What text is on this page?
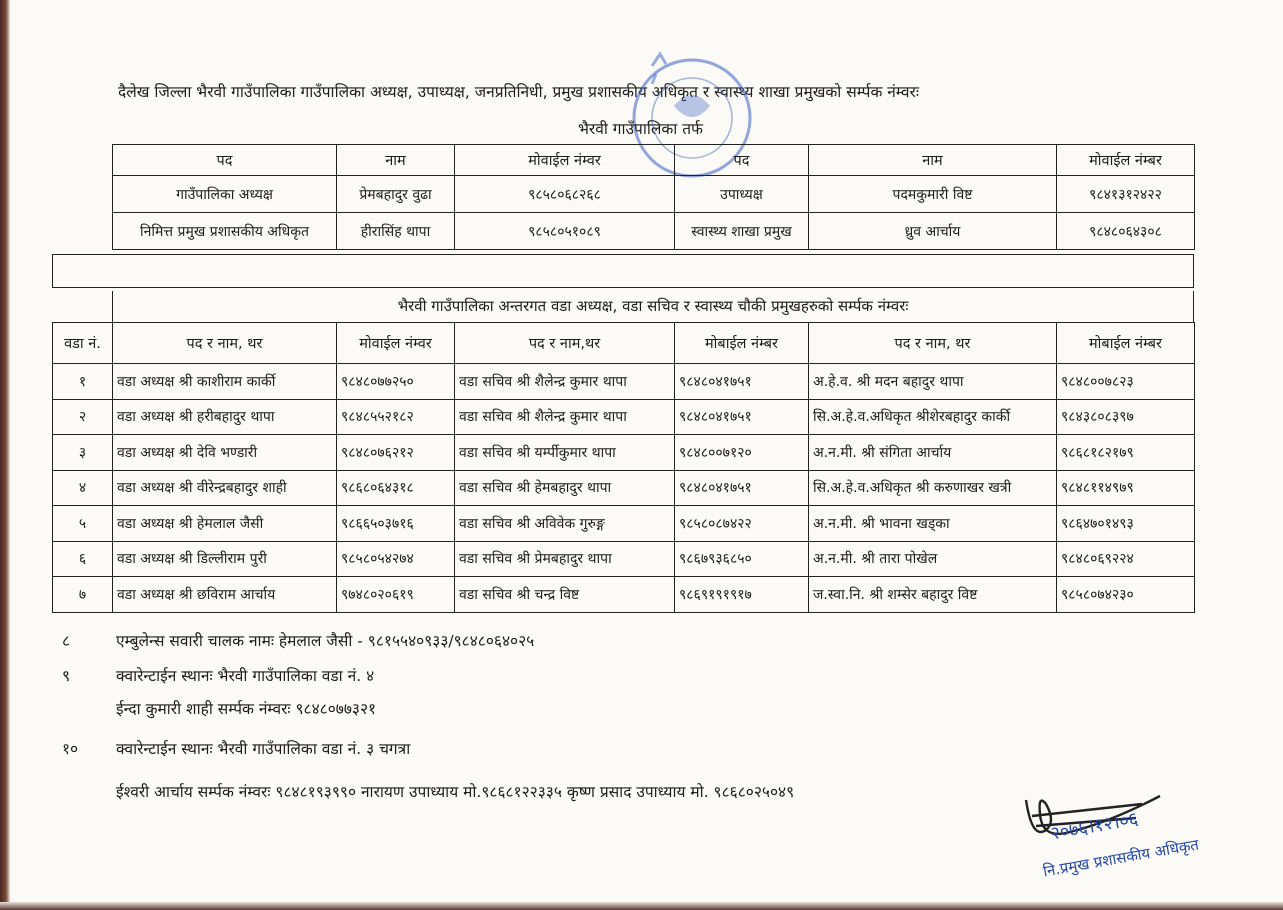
दैलेख जिल्ला भैरवी गाउँपालिका गाउँपालिका अध्यक्ष, उपाध्यक्ष, जनप्रतिनिधी, प्रमुख प्रशासकीय अधिकृत र स्वास्थ्य शाखा प्रमुखको सर्म्पक नंम्वरः
भैरवी गाउँपालिका तर्फ
पद	नाम	मोवाईल नंम्वर	पद	नाम	मोवाईल नंम्बर
गाउँपालिका अध्यक्ष	प्रेमबहादुर वुढा	९८५८०६८२६८	उपाध्यक्ष	पदमकुमारी विष्ट	९८४१३१२४२२
निमित्त प्रमुख प्रशासकीय अधिकृत	हीरासिंह थापा	९८५८०५१०८९	स्वास्थ्य शाखा प्रमुख	ध्रुव आर्चाय	९८४८०६४३०८
भैरवी गाउँपालिका अन्तरगत वडा अध्यक्ष, वडा सचिव र स्वास्थ्य चौकी प्रमुखहरुको सर्म्पक नंम्वरः
वडा नं.	पद र नाम, थर	मोवाईल नंम्वर	पद र नाम,थर	मोबाईल नंम्बर	पद र नाम, थर	मोबाईल नंम्बर
१	वडा अध्यक्ष श्री काशीराम कार्की	९८४८०७७२५०	वडा सचिव श्री शैलेन्द्र कुमार थापा	९८४८०४१७५१	अ.हे.व. श्री मदन बहादुर थापा	९८४८००७८२३
२	वडा अध्यक्ष श्री हरीबहादुर थापा	९८४८५५२१८२	वडा सचिव श्री शैलेन्द्र कुमार थापा	९८४८०४१७५१	सि.अ.हे.व.अधिकृत श्रीशेरबहादुर कार्की	९८४३८०८३९७
३	वडा अध्यक्ष श्री देवि भण्डारी	९८४८०७६२१२	वडा सचिव श्री यर्म्पीकुमार थापा	९८४८००७१२०	अ.न.मी. श्री संगिता आर्चाय	९८६८१८२१७९
४	वडा अध्यक्ष श्री वीरेन्द्रबहादुर शाही	९८६८०६४३१८	वडा सचिव श्री हेमबहादुर थापा	९८४८०४१७५१	सि.अ.हे.व.अधिकृत श्री करुणाखर खत्री	९८४८११४९७९
५	वडा अध्यक्ष श्री हेमलाल जैसी	९८६६५०३७१६	वडा सचिव श्री अविवेक गुरुङ्ग	९८५८०८७४२२	अ.न.मी. श्री भावना खड्का	९८६४७०१४९३
६	वडा अध्यक्ष श्री डिल्लीराम पुरी	९८५८०५४२७४	वडा सचिव श्री प्रेमबहादुर थापा	९८६७९३६८५०	अ.न.मी. श्री तारा पोखेल	९८४८०६९२२४
७	वडा अध्यक्ष श्री छविराम आर्चाय	९७४८०२०६१९	वडा सचिव श्री चन्द्र विष्ट	९८६९१९१९१७	ज.स्वा.नि. श्री शम्सेर बहादुर विष्ट	९८५८०७४२३०
८	एम्बुलेन्स सवारी चालक नामः हेमलाल जैसी - ९८१५५४०९३३/९८४८०६४०२५
९	क्वारेन्टाईन स्थानः भैरवी गाउँपालिका वडा नं. ४
ईन्दा कुमारी शाही सर्म्पक नंम्वरः ९८४८०७७३२१
१० क्वारेन्टाईन स्थानः भैरवी गाउँपालिका वडा नं. ३ चगत्रा
ईश्वरी आर्चाय सर्म्पक नंम्वरः ९८४८१९३९९० नारायण उपाध्याय मो.९८६८१२२३३५ कृष्ण प्रसाद उपाध्याय मो. ९८६८०२५०४९
२०७६।१२।०६
नि.प्रमुख प्रशासकीय अधिकृत
